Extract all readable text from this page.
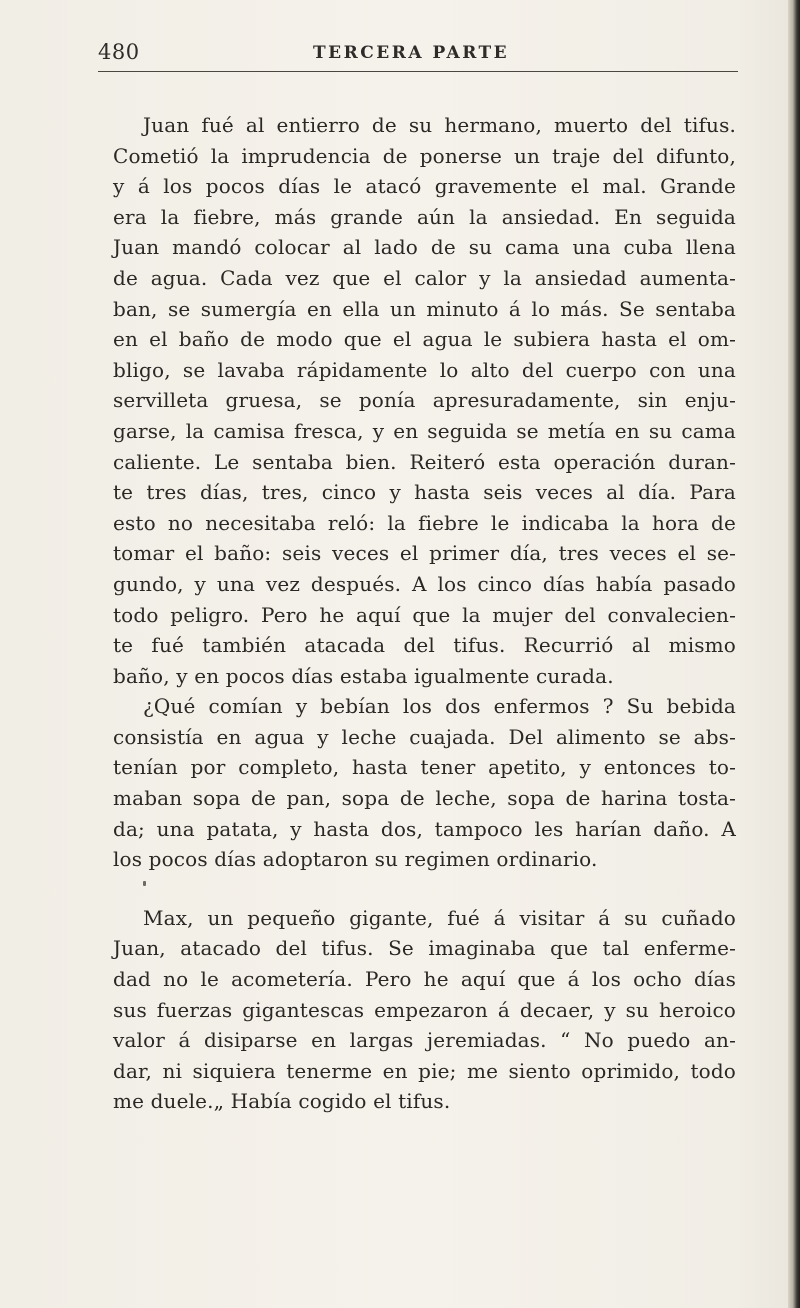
480	TERCERA PARTE
Juan fué al entierro de su hermano, muerto del tifus.
Cometió la imprudencia de ponerse un traje del difunto,
y á los pocos días le atacó gravemente el mal. Grande
era la fiebre, más grande aún la ansiedad. En seguida
Juan mandó colocar al lado de su cama una cuba llena
de agua. Cada vez que el calor y la ansiedad aumenta-
ban, se sumergía en ella un minuto á lo más. Se sentaba
en el baño de modo que el agua le subiera hasta el om-
bligo, se lavaba rápidamente lo alto del cuerpo con una
servilleta gruesa, se ponía apresuradamente, sin enju-
garse, la camisa fresca, y en seguida se metía en su cama
caliente. Le sentaba bien. Reiteró esta operación duran-
te tres días, tres, cinco y hasta seis veces al día. Para
esto no necesitaba reló: la fiebre le indicaba la hora de
tomar el baño: seis veces el primer día, tres veces el se-
gundo, y una vez después. A los cinco días había pasado
todo peligro. Pero he aquí que la mujer del convalecien-
te fué también atacada del tifus. Recurrió al mismo
baño, y en pocos días estaba igualmente curada.
¿Qué comían y bebían los dos enfermos ? Su bebida
consistía en agua y leche cuajada. Del alimento se abs-
tenían por completo, hasta tener apetito, y entonces to-
maban sopa de pan, sopa de leche, sopa de harina tosta-
da; una patata, y hasta dos, tampoco les harían daño. A
los pocos días adoptaron su regimen ordinario.
Max, un pequeño gigante, fué á visitar á su cuñado
Juan, atacado del tifus. Se imaginaba que tal enferme-
dad no le acometería. Pero he aquí que á los ocho días
sus fuerzas gigantescas empezaron á decaer, y su heroico
valor á disiparse en largas jeremiadas. “ No puedo an-
dar, ni siquiera tenerme en pie; me siento oprimido, todo
me duele.„ Había cogido el tifus.
